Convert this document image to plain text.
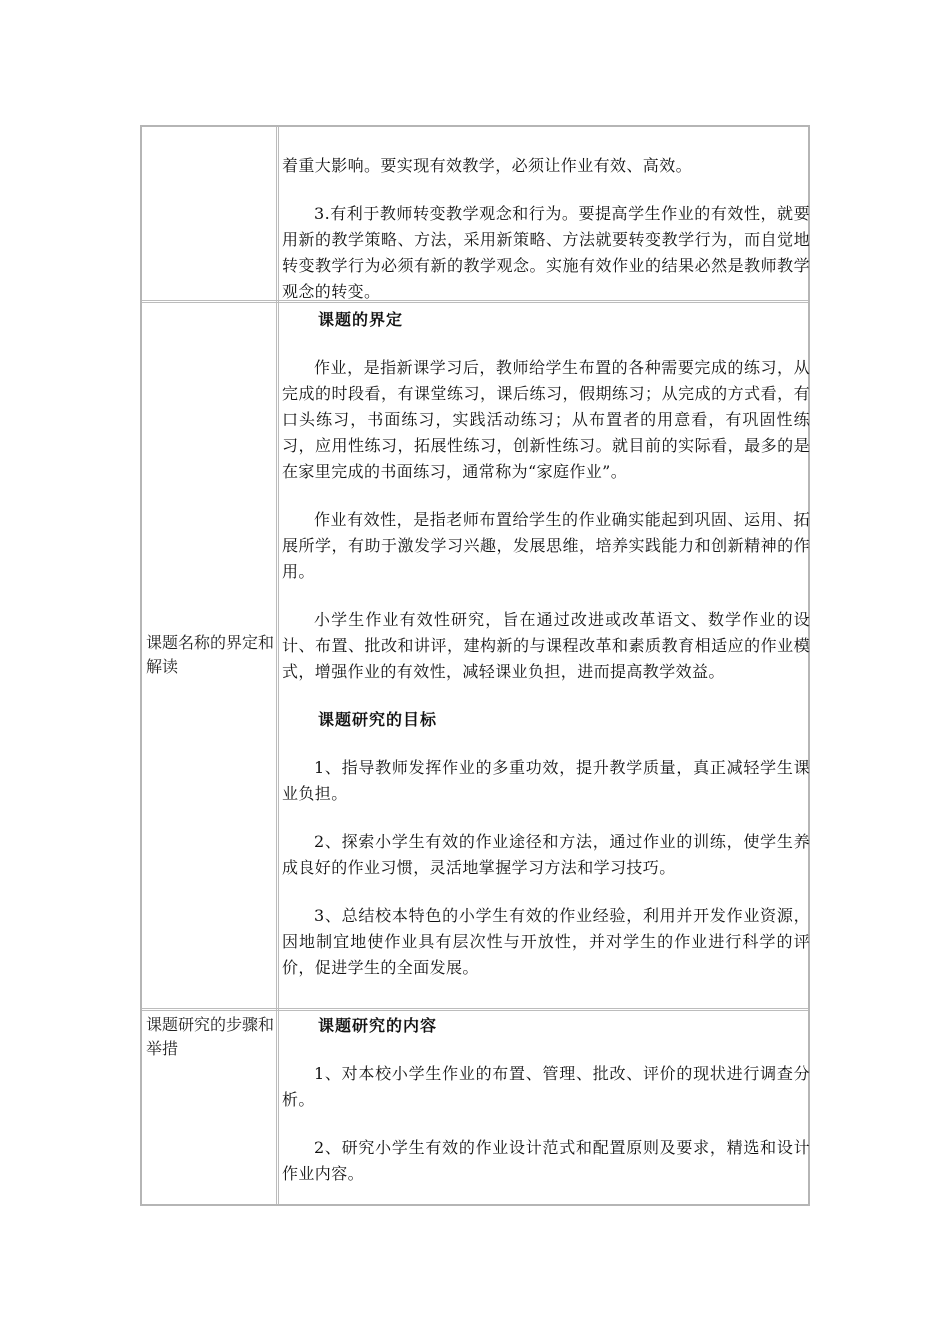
着重大影响。要实现有效教学，必须让作业有效、高效。

3.有利于教师转变教学观念和行为。要提高学生作业的有效性，就要用新的教学策略、方法，采用新策略、方法就要转变教学行为，而自觉地转变教学行为必须有新的教学观念。实施有效作业的结果必然是教师教学观念的转变。

课题名称的界定和解读

课题的界定

作业，是指新课学习后，教师给学生布置的各种需要完成的练习，从完成的时段看，有课堂练习，课后练习，假期练习；从完成的方式看，有口头练习，书面练习，实践活动练习；从布置者的用意看，有巩固性练习，应用性练习，拓展性练习，创新性练习。就目前的实际看，最多的是在家里完成的书面练习，通常称为“家庭作业”。

作业有效性，是指老师布置给学生的作业确实能起到巩固、运用、拓展所学，有助于激发学习兴趣，发展思维，培养实践能力和创新精神的作用。

小学生作业有效性研究，旨在通过改进或改革语文、数学作业的设计、布置、批改和讲评，建构新的与课程改革和素质教育相适应的作业模式，增强作业的有效性，减轻课业负担，进而提高教学效益。

课题研究的目标

1、指导教师发挥作业的多重功效，提升教学质量，真正减轻学生课业负担。

2、探索小学生有效的作业途径和方法，通过作业的训练，使学生养成良好的作业习惯，灵活地掌握学习方法和学习技巧。

3、总结校本特色的小学生有效的作业经验，利用并开发作业资源，因地制宜地使作业具有层次性与开放性，并对学生的作业进行科学的评价，促进学生的全面发展。

课题研究的步骤和举措

课题研究的内容

1、对本校小学生作业的布置、管理、批改、评价的现状进行调查分析。

2、研究小学生有效的作业设计范式和配置原则及要求，精选和设计作业内容。
